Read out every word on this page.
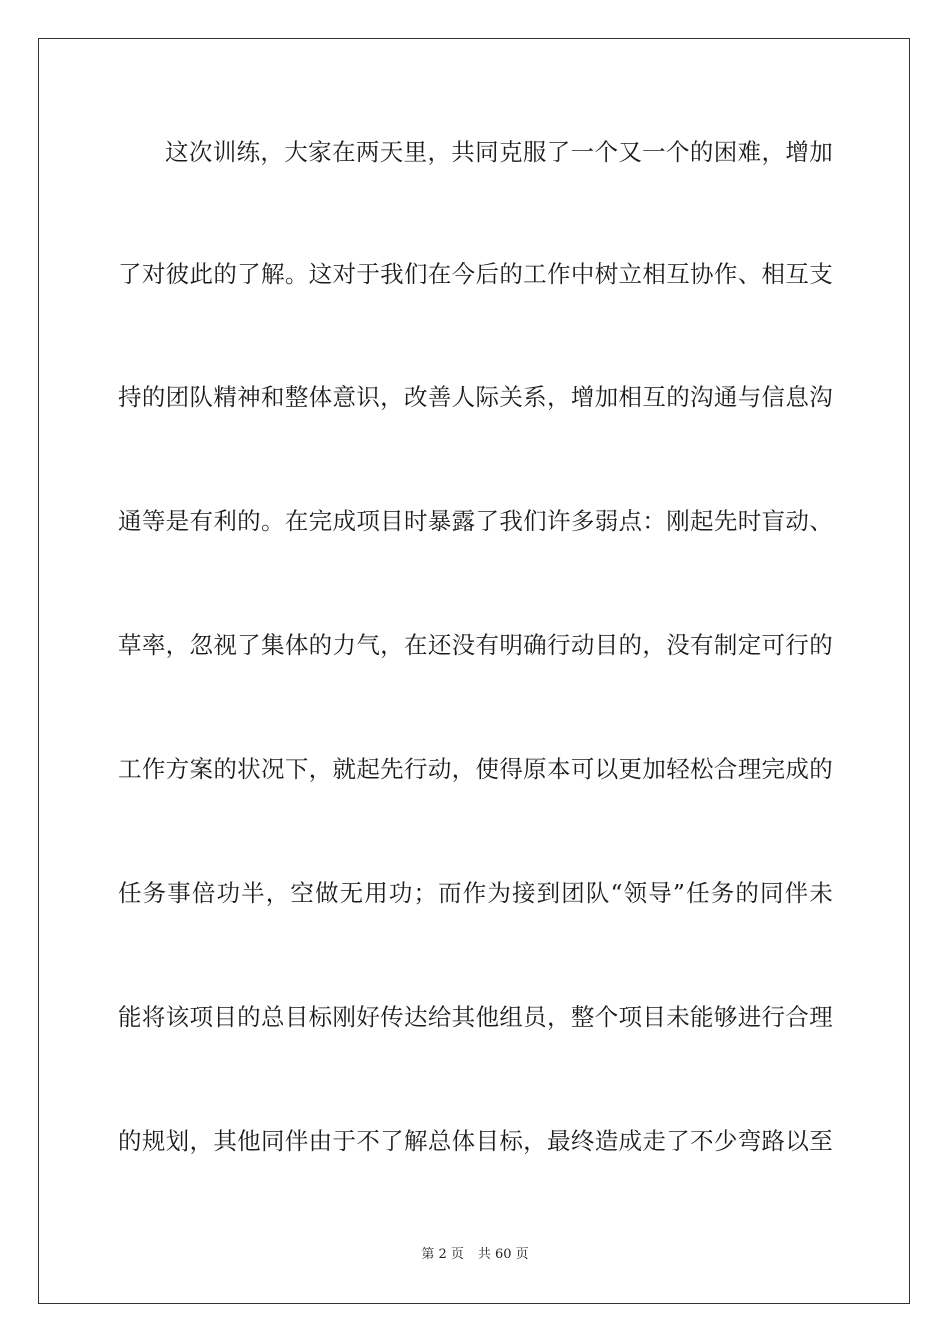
这次训练，大家在两天里，共同克服了一个又一个的困难，增加
了对彼此的了解。这对于我们在今后的工作中树立相互协作、相互支
持的团队精神和整体意识，改善人际关系，增加相互的沟通与信息沟
通等是有利的。在完成项目时暴露了我们许多弱点：刚起先时盲动、
草率，忽视了集体的力气，在还没有明确行动目的，没有制定可行的
工作方案的状况下，就起先行动，使得原本可以更加轻松合理完成的
任务事倍功半，空做无用功；而作为接到团队“领导”任务的同伴未
能将该项目的总目标刚好传达给其他组员，整个项目未能够进行合理
的规划，其他同伴由于不了解总体目标，最终造成走了不少弯路以至
第 2 页 共 60 页
